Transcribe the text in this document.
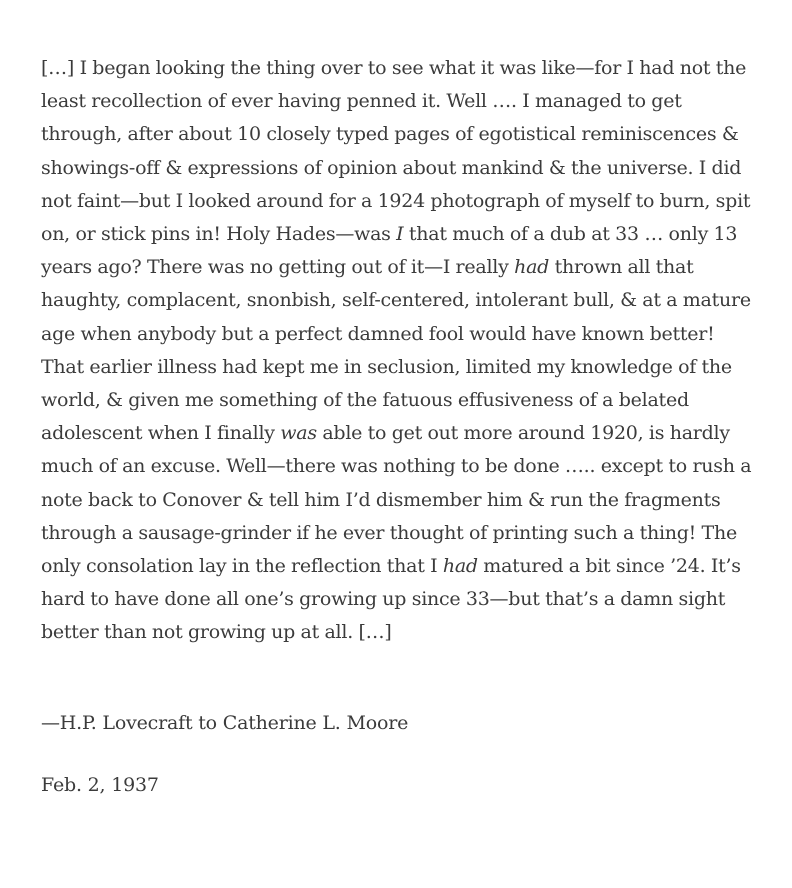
[…] I began looking the thing over to see what it was like—for I had not the least recollection of ever having penned it. Well …. I managed to get through, after about 10 closely typed pages of egotistical reminiscences & showings-off & expressions of opinion about mankind & the universe. I did not faint—but I looked around for a 1924 photograph of myself to burn, spit on, or stick pins in! Holy Hades—was I that much of a dub at 33 … only 13 years ago? There was no getting out of it—I really had thrown all that haughty, complacent, snonbish, self-centered, intolerant bull, & at a mature age when anybody but a perfect damned fool would have known better! That earlier illness had kept me in seclusion, limited my knowledge of the world, & given me something of the fatuous effusiveness of a belated adolescent when I finally was able to get out more around 1920, is hardly much of an excuse. Well—there was nothing to be done ….. except to rush a note back to Conover & tell him I’d dismember him & run the fragments through a sausage-grinder if he ever thought of printing such a thing! The only consolation lay in the reflection that I had matured a bit since ’24. It’s hard to have done all one’s growing up since 33—but that’s a damn sight better than not growing up at all. […]

—H.P. Lovecraft to Catherine L. Moore

Feb. 2, 1937
